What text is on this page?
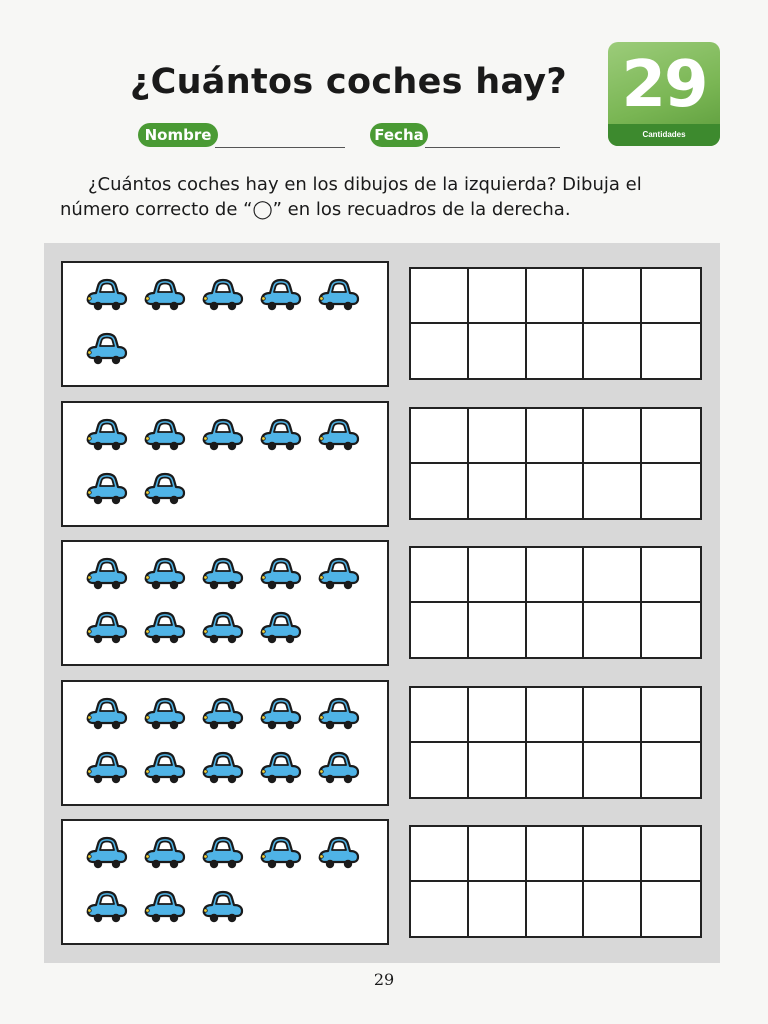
¿Cuántos coches hay?
Nombre	Fecha
29
Cantidades
¿Cuántos coches hay en los dibujos de la izquierda? Dibuja el
número correcto de “◯” en los recuadros de la derecha.
29
